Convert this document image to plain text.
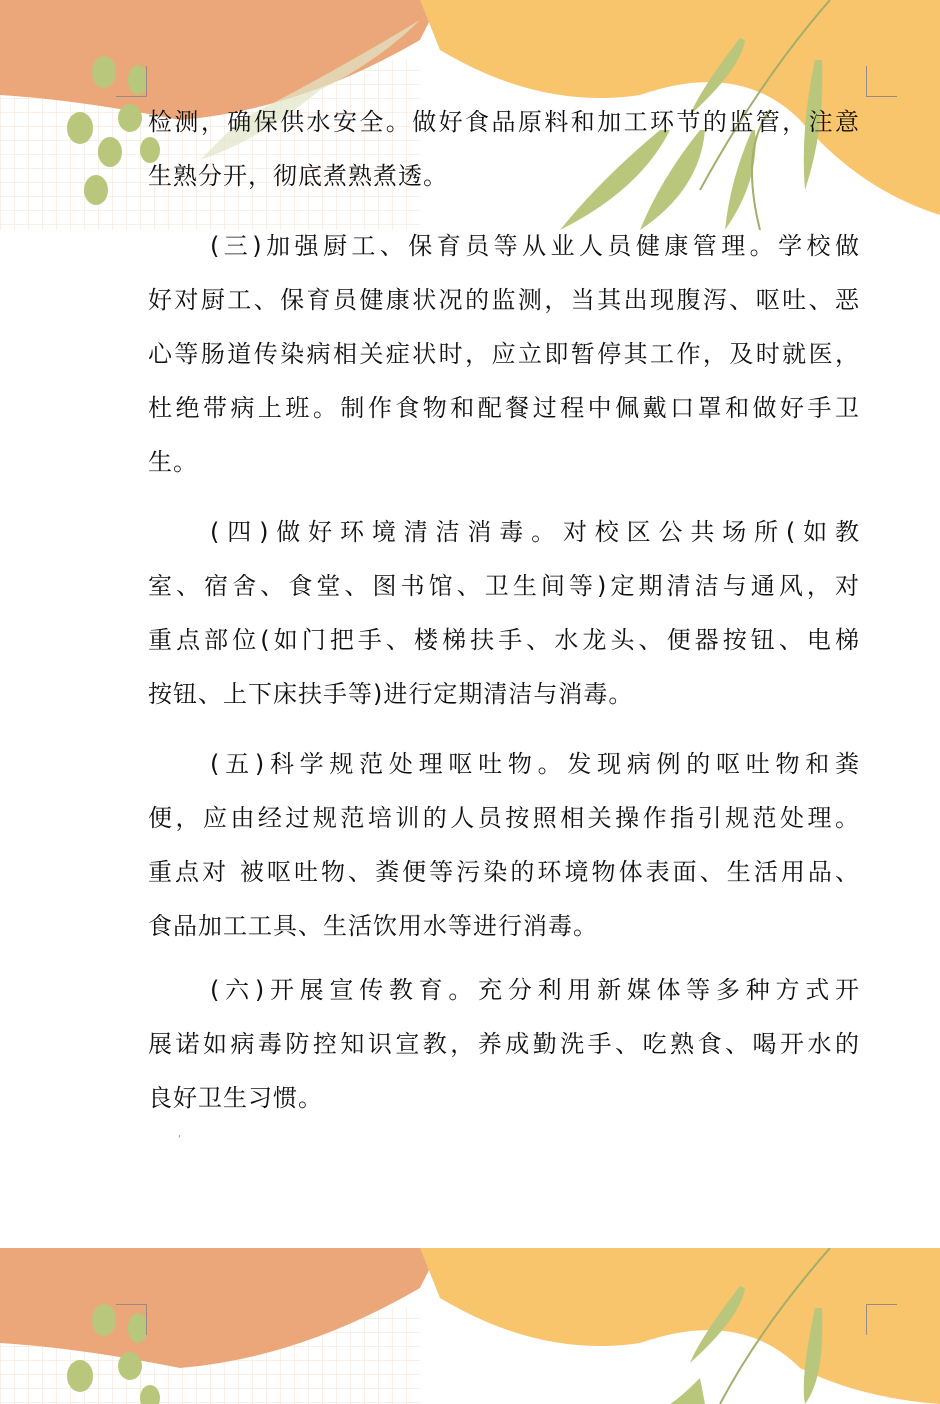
检测，确保供水安全。做好食品原料和加工环节的监管，注意
生熟分开，彻底煮熟煮透。
(三)加强厨工、保育员等从业人员健康管理。学校做
好对厨工、保育员健康状况的监测，当其出现腹泻、呕吐、恶
心等肠道传染病相关症状时，应立即暂停其工作，及时就医，
杜绝带病上班。制作食物和配餐过程中佩戴口罩和做好手卫
生。
(四)做好环境清洁消毒。对校区公共场所(如教
室、宿舍、食堂、图书馆、卫生间等)定期清洁与通风，对
重点部位(如门把手、楼梯扶手、水龙头、便器按钮、电梯
按钮、上下床扶手等)进行定期清洁与消毒。
(五)科学规范处理呕吐物。发现病例的呕吐物和粪
便，应由经过规范培训的人员按照相关操作指引规范处理。
重点对 被呕吐物、粪便等污染的环境物体表面、生活用品、
食品加工工具、生活饮用水等进行消毒。
(六)开展宣传教育。充分利用新媒体等多种方式开
展诺如病毒防控知识宣教，养成勤洗手、吃熟食、喝开水的
良好卫生习惯。
'
